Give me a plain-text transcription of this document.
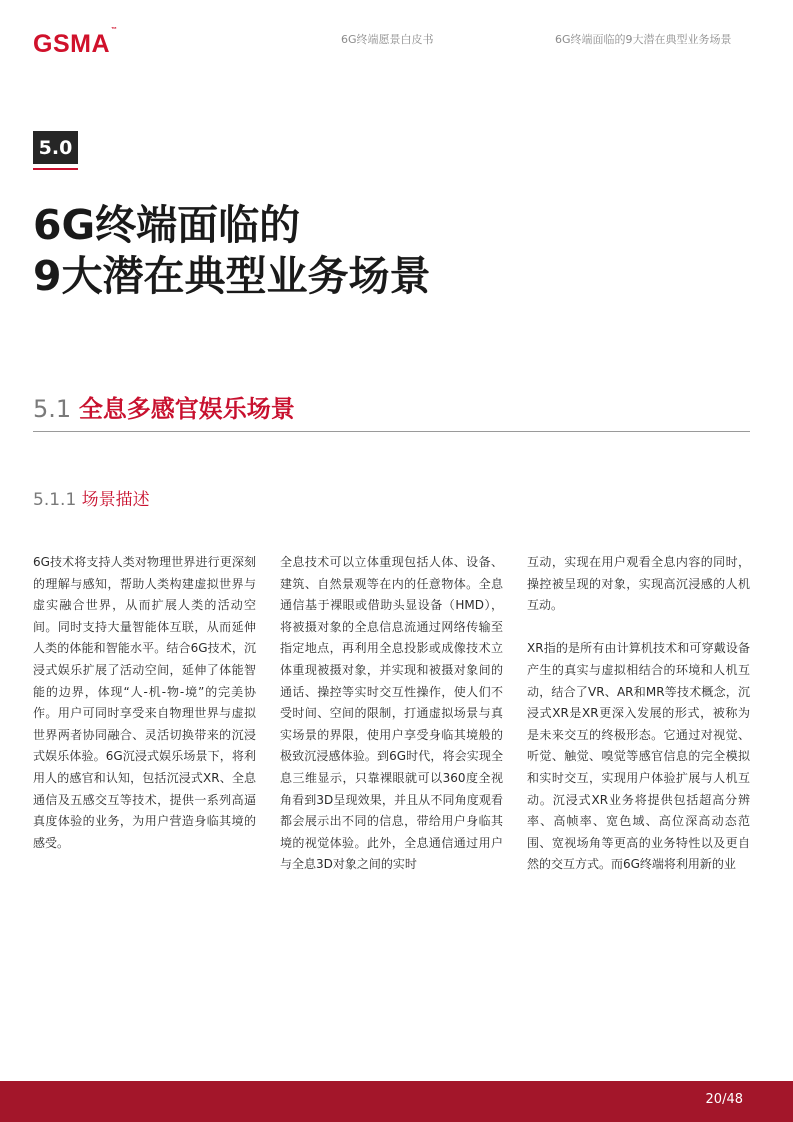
GSMA™
6G终端愿景白皮书	6G终端面临的9大潜在典型业务场景
5.0
6G终端面临的
9大潜在典型业务场景
5.1 全息多感官娱乐场景
5.1.1 场景描述

6G技术将支持人类对物理世界进行更深刻的理解与感知，帮助人类构建虚拟世界与虚实融合世界，从而扩展人类的活动空间。同时支持大量智能体互联，从而延伸人类的体能和智能水平。结合6G技术，沉浸式娱乐扩展了活动空间，延伸了体能智能的边界，体现“人-机-物-境”的完美协作。用户可同时享受来自物理世界与虚拟世界两者协同融合、灵活切换带来的沉浸式娱乐体验。6G沉浸式娱乐场景下，将利用人的感官和认知，包括沉浸式XR、全息通信及五感交互等技术，提供一系列高逼真度体验的业务，为用户营造身临其境的感受。

全息技术可以立体重现包括人体、设备、建筑、自然景观等在内的任意物体。全息通信基于裸眼或借助头显设备（HMD），将被摄对象的全息信息流通过网络传输至指定地点，再利用全息投影或成像技术立体重现被摄对象，并实现和被摄对象间的通话、操控等实时交互性操作，使人们不受时间、空间的限制，打通虚拟场景与真实场景的界限，使用户享受身临其境般的极致沉浸感体验。到6G时代，将会实现全息三维显示，只靠裸眼就可以360度全视角看到3D呈现效果，并且从不同角度观看都会展示出不同的信息，带给用户身临其境的视觉体验。此外，全息通信通过用户与全息3D对象之间的实时

互动，实现在用户观看全息内容的同时，操控被呈现的对象，实现高沉浸感的人机互动。

XR指的是所有由计算机技术和可穿戴设备产生的真实与虚拟相结合的环境和人机互动，结合了VR、AR和MR等技术概念，沉浸式XR是XR更深入发展的形式，被称为是未来交互的终极形态。它通过对视觉、听觉、触觉、嗅觉等感官信息的完全模拟和实时交互，实现用户体验扩展与人机互动。沉浸式XR业务将提供包括超高分辨率、高帧率、宽色域、高位深高动态范围、宽视场角等更高的业务特性以及更自然的交互方式。而6G终端将利用新的业

20/48
